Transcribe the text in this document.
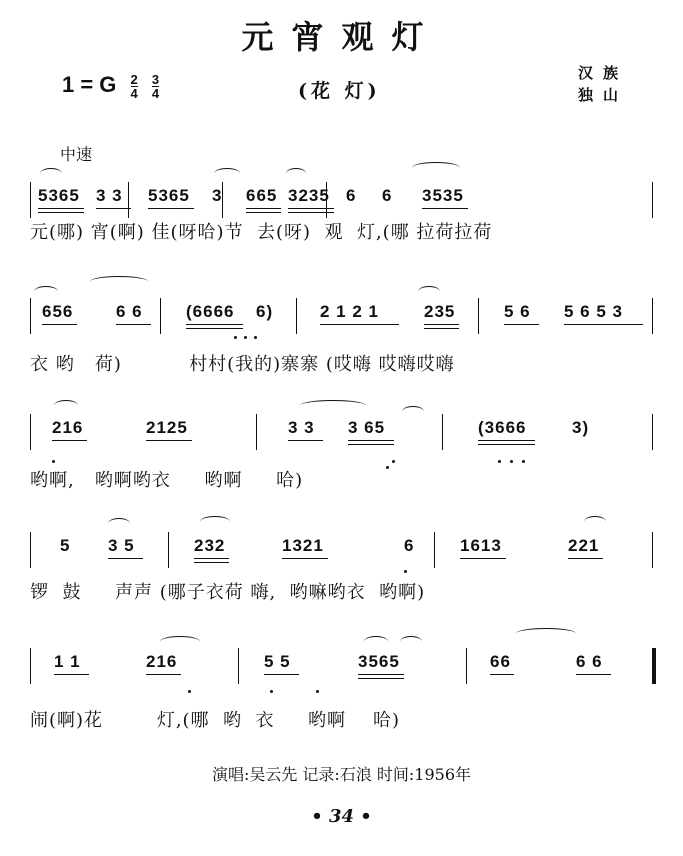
元宵观灯
1 = G $\frac{2}{4}$
$\frac{3}{4}$	(花 灯)
汉族
独山
中速
5365 3 3 5365 3 665 3235 6 6 3535
元(哪) 宵(啊) 佳(呀哈)节  去(呀)  观  灯,(哪 拉荷拉荷
656	6 6	(6666 6)	2 1 2 1	235	5 6 5 6 5 3
衣 哟   荷)          村村(我的)寨寨 (哎嗨 哎嗨哎嗨
216	2125	3 3 3 65	(3666	3)
哟啊,   哟啊哟衣     哟啊     哈)
5 3 5	232	1321	6	1613	221
锣  鼓     声声 (哪子衣荷 嗨,  哟嘛哟衣  哟啊)
1 1	216	5 5	3565	66	6 6
闹(啊)花        灯,(哪  哟  衣     哟啊    哈)
演唱:吴云先 记录:石浪 时间:1956年
• 34 •
